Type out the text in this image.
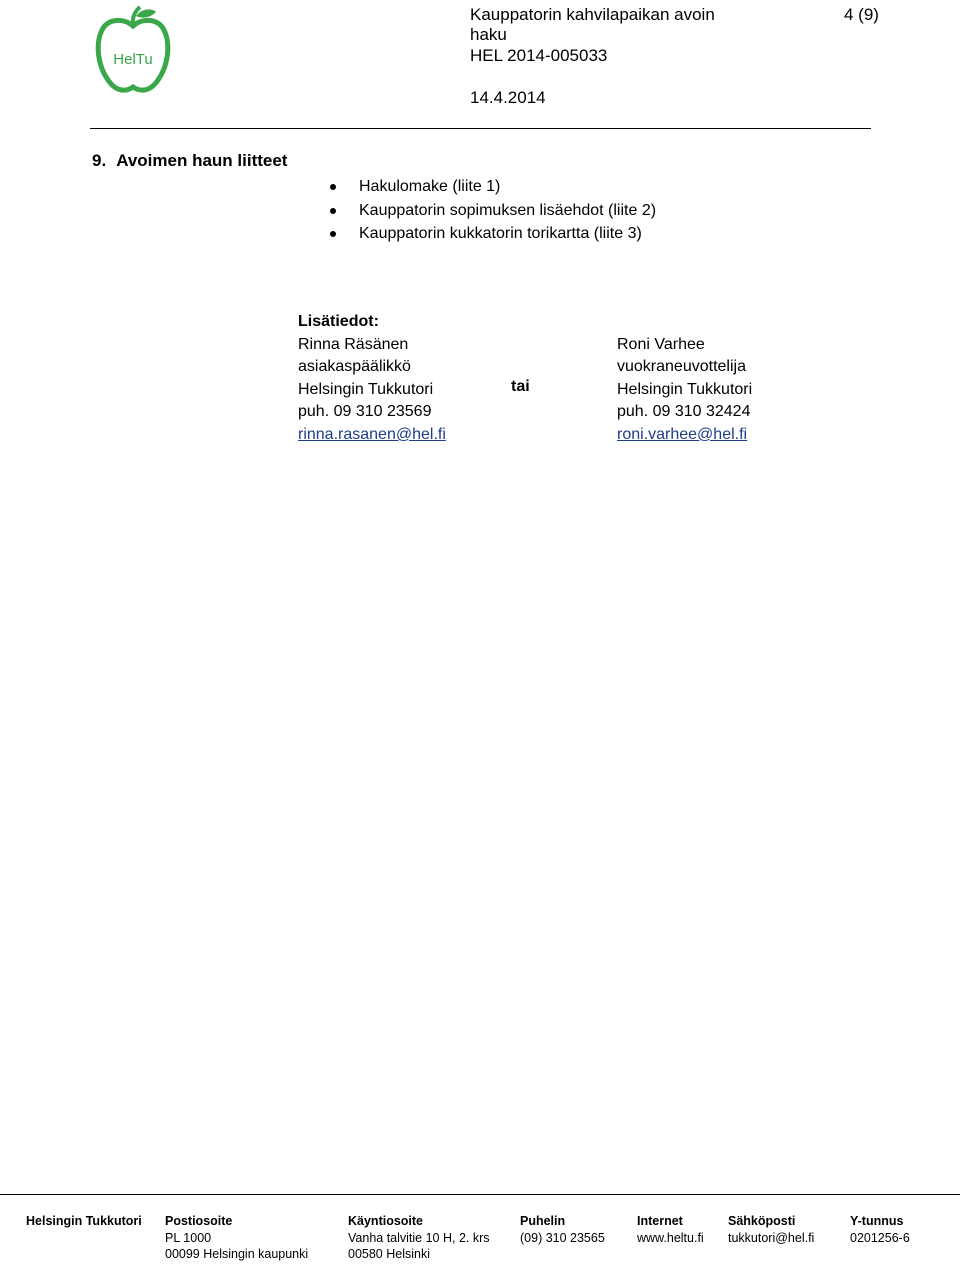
HelTu
Kauppatorin kahvilapaikan avoin
haku
HEL 2014-005033
14.4.2014
4 (9)
9. Avoimen haun liitteet
Hakulomake (liite 1)
Kauppatorin sopimuksen lisäehdot (liite 2)
Kauppatorin kukkatorin torikartta (liite 3)
Lisätiedot:
Rinna Räsänen
asiakaspäälikkö
Helsingin Tukkutori
puh. 09 310 23569
rinna.rasanen@hel.fi
tai
Roni Varhee
vuokraneuvottelija
Helsingin Tukkutori
puh. 09 310 32424
roni.varhee@hel.fi
Helsingin Tukkutori Postiosoite
PL 1000
00099 Helsingin kaupunki
Käyntiosoite
Vanha talvitie 10 H, 2. krs
00580 Helsinki
Puhelin
(09) 310 23565
Internet
www.heltu.fi
Sähköposti
tukkutori@hel.fi
Y-tunnus
0201256-6
